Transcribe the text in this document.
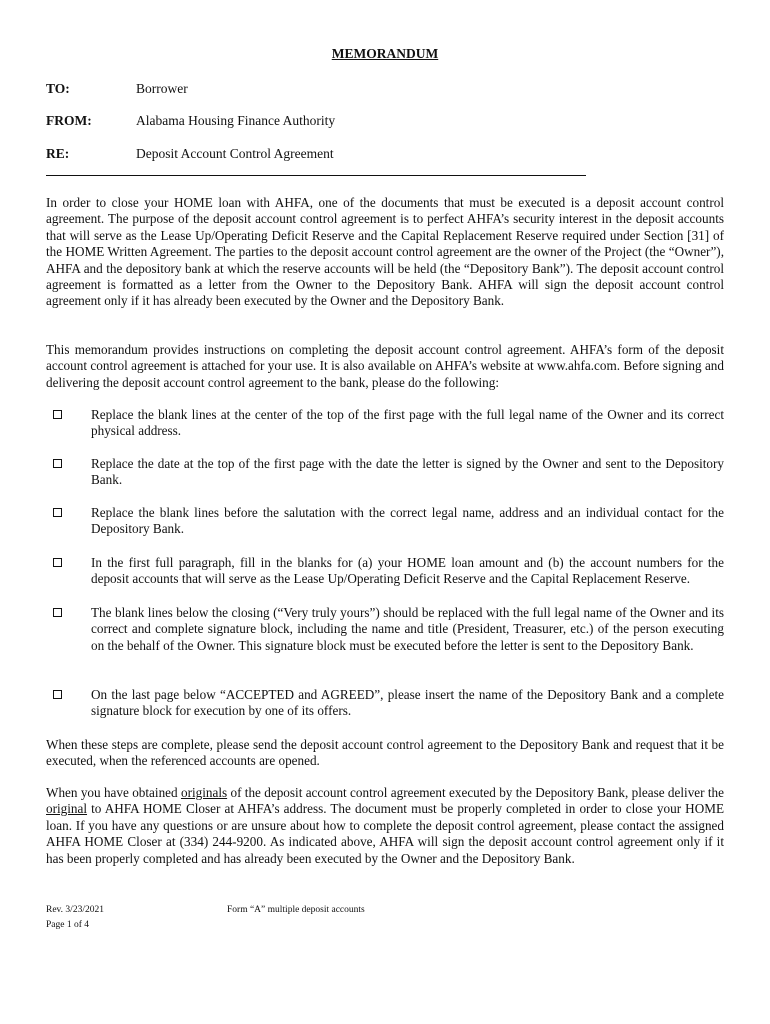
MEMORANDUM
TO:	Borrower
FROM:	Alabama Housing Finance Authority
RE:	Deposit Account Control Agreement

In order to close your HOME loan with AHFA, one of the documents that must be executed is a deposit account control agreement. The purpose of the deposit account control agreement is to perfect AHFA’s security interest in the deposit accounts that will serve as the Lease Up/Operating Deficit Reserve and the Capital Replacement Reserve required under Section [31] of the HOME Written Agreement. The parties to the deposit account control agreement are the owner of the Project (the “Owner”), AHFA and the depository bank at which the reserve accounts will be held (the “Depository Bank”). The deposit account control agreement is formatted as a letter from the Owner to the Depository Bank. AHFA will sign the deposit account control agreement only if it has already been executed by the Owner and the Depository Bank.

This memorandum provides instructions on completing the deposit account control agreement. AHFA’s form of the deposit account control agreement is attached for your use. It is also available on AHFA’s website at www.ahfa.com. Before signing and delivering the deposit account control agreement to the bank, please do the following:

Replace the blank lines at the center of the top of the first page with the full legal name of the Owner and its correct physical address.
Replace the date at the top of the first page with the date the letter is signed by the Owner and sent to the Depository Bank.
Replace the blank lines before the salutation with the correct legal name, address and an individual contact for the Depository Bank.
In the first full paragraph, fill in the blanks for (a) your HOME loan amount and (b) the account numbers for the deposit accounts that will serve as the Lease Up/Operating Deficit Reserve and the Capital Replacement Reserve.
The blank lines below the closing (“Very truly yours”) should be replaced with the full legal name of the Owner and its correct and complete signature block, including the name and title (President, Treasurer, etc.) of the person executing on the behalf of the Owner. This signature block must be executed before the letter is sent to the Depository Bank.
On the last page below “ACCEPTED and AGREED”, please insert the name of the Depository Bank and a complete signature block for execution by one of its offers.

When these steps are complete, please send the deposit account control agreement to the Depository Bank and request that it be executed, when the referenced accounts are opened.

When you have obtained originals of the deposit account control agreement executed by the Depository Bank, please deliver the original to AHFA HOME Closer at AHFA’s address. The document must be properly completed in order to close your HOME loan. If you have any questions or are unsure about how to complete the deposit control agreement, please contact the assigned AHFA HOME Closer at (334) 244-9200. As indicated above, AHFA will sign the deposit account control agreement only if it has been properly completed and has already been executed by the Owner and the Depository Bank.

Rev. 3/23/2021	Form “A” multiple deposit accounts
Page 1 of 4
